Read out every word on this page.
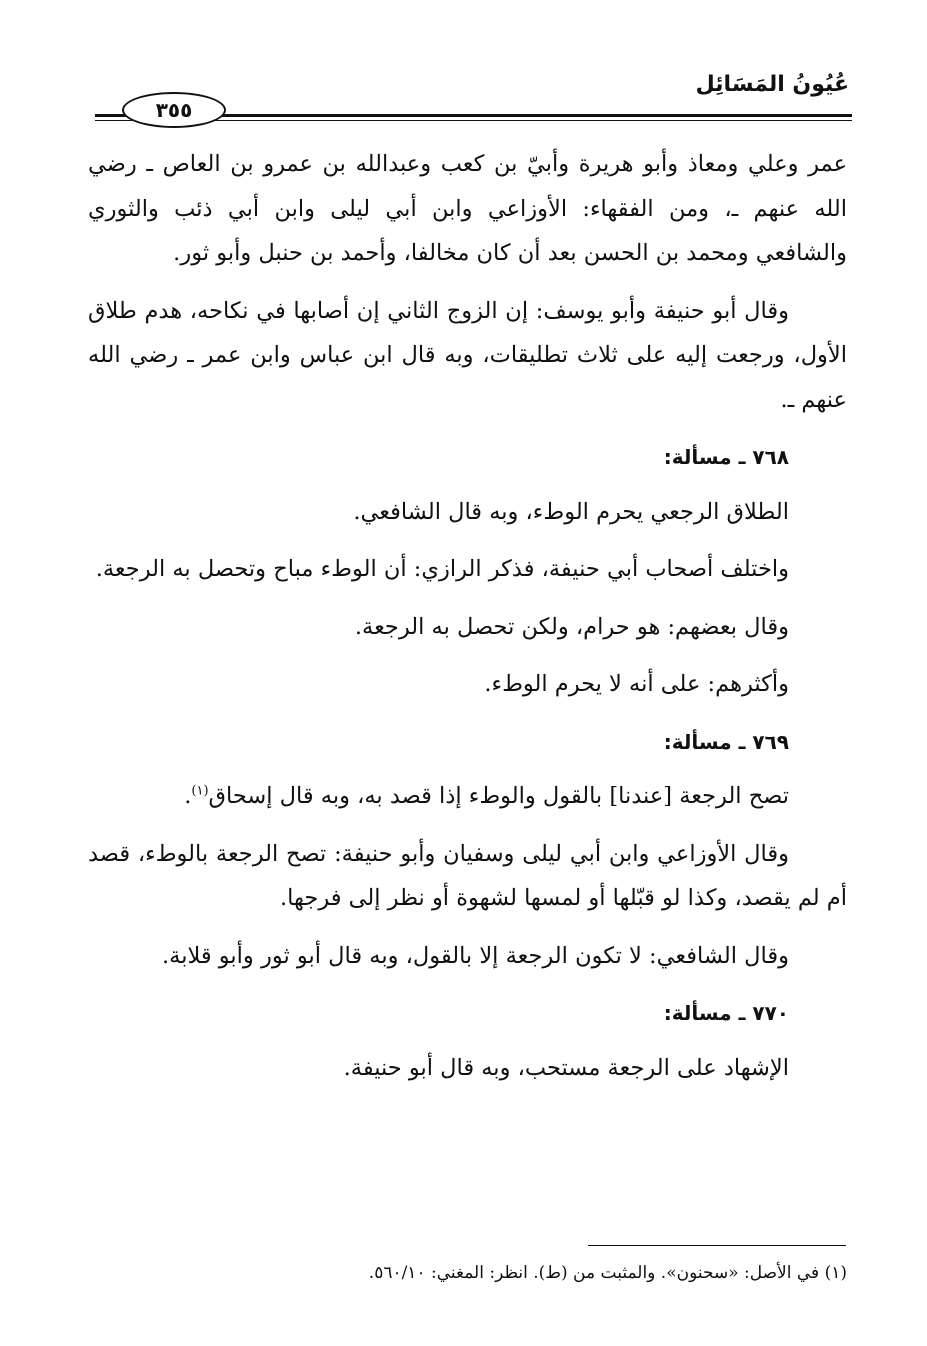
عُيُونُ المَسَائِل
٣٥٥

عمر وعلي ومعاذ وأبو هريرة وأبيّ بن كعب وعبدالله بن عمرو بن العاص ـ رضي الله عنهم ـ، ومن الفقهاء: الأوزاعي وابن أبي ليلى وابن أبي ذئب والثوري والشافعي ومحمد بن الحسن بعد أن كان مخالفا، وأحمد بن حنبل وأبو ثور.

وقال أبو حنيفة وأبو يوسف: إن الزوج الثاني إن أصابها في نكاحه، هدم طلاق الأول، ورجعت إليه على ثلاث تطليقات، وبه قال ابن عباس وابن عمر ـ رضي الله عنهم ـ.

٧٦٨ ـ مسألة:

الطلاق الرجعي يحرم الوطء، وبه قال الشافعي.

واختلف أصحاب أبي حنيفة، فذكر الرازي: أن الوطء مباح وتحصل به الرجعة.

وقال بعضهم: هو حرام، ولكن تحصل به الرجعة.

وأكثرهم: على أنه لا يحرم الوطء.

٧٦٩ ـ مسألة:

تصح الرجعة [عندنا] بالقول والوطء إذا قصد به، وبه قال إسحاق$^{(١)}$.

وقال الأوزاعي وابن أبي ليلى وسفيان وأبو حنيفة: تصح الرجعة بالوطء، قصد أم لم يقصد، وكذا لو قبّلها أو لمسها لشهوة أو نظر إلى فرجها.

وقال الشافعي: لا تكون الرجعة إلا بالقول، وبه قال أبو ثور وأبو قلابة.

٧٧٠ ـ مسألة:

الإشهاد على الرجعة مستحب، وبه قال أبو حنيفة.

(١) في الأصل: «سحنون». والمثبت من (ط). انظر: المغني: ٥٦٠/١٠.
